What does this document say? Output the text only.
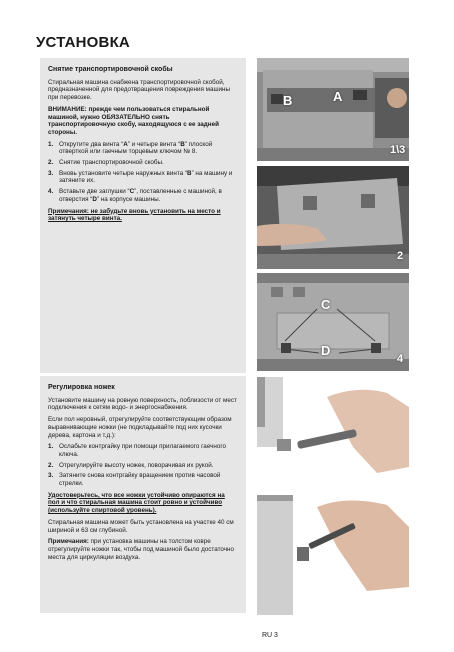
УСТАНОВКА
Снятие транспортировочной скобы

Стиральная машина снабжена транспортировочной скобой, предназначенной для предотвращения повреждения машины при перевозке.

ВНИМАНИЕ: прежде чем пользоваться стиральной машиной, нужно ОБЯЗАТЕЛЬНО снять транспортировочную скобу, находящуюся с ее задней стороны.

1. Открутите два винта “A” и четыре винта “B” плоской отверткой или гаечным торцевым ключом № 8.
2. Снятие транспортировочной скобы.
3. Вновь установите четыре наружных винта “B” на машину и затяните их.
4. Вставьте две заглушки “C”, поставленные с машиной, в отверстия “D” на корпусе машины.

Примечания: не забудьте вновь установить на место и затянуть четыре винта.

Регулировка ножек

Установите машину на ровную поверхность, поблизости от мест подключения к сетям водо- и энергоснабжения.

Если пол неровный, отрегулируйте соответствующим образом выравнивающие ножки (не подкладывайте под них кусочки дерева, картона и т.д.):

1. Ослабьте контргайку при помощи прилагаемого гаечного ключа.
2. Отрегулируйте высоту ножек, поворачивая их рукой.
3. Затяните снова контргайку вращением против часовой стрелки.

Удостоверьтесь, что все ножки устойчиво опираются на пол и что стиральная машина стоит ровно и устойчиво (используйте спиртовой уровень).

Стиральная машина может быть установлена на участке 40 см шириной и 63 см глубиной.

Примечания: при установка машины на толстом ковре отрегулируйте ножки так, чтобы под машиной было достаточно места для циркуляции воздуха.

B	A
1\3
2
C
D
4
RU 3
